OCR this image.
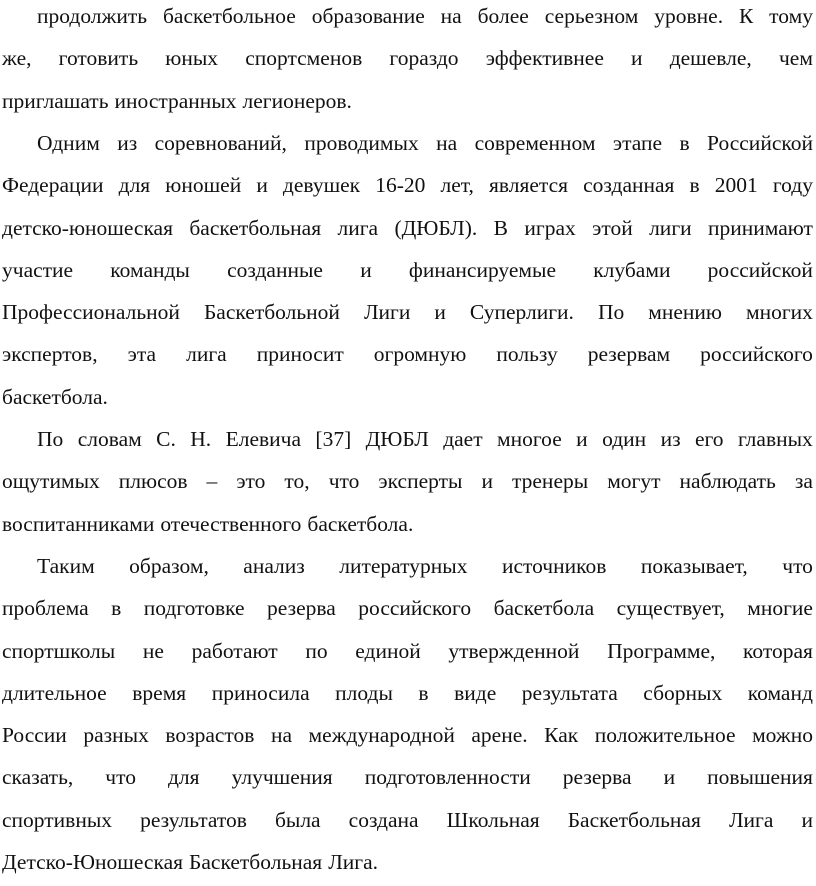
продолжить баскетбольное образование на более серьезном уровне. К тому
же, готовить юных спортсменов гораздо эффективнее и дешевле, чем
приглашать иностранных легионеров.
Одним из соревнований, проводимых на современном этапе в Российской
Федерации для юношей и девушек 16-20 лет, является созданная в 2001 году
детско-юношеская баскетбольная лига (ДЮБЛ). В играх этой лиги принимают
участие команды созданные и финансируемые клубами российской
Профессиональной Баскетбольной Лиги и Суперлиги. По мнению многих
экспертов, эта лига приносит огромную пользу резервам российского
баскетбола.
По словам С. Н. Елевича [37] ДЮБЛ дает многое и один из его главных
ощутимых плюсов – это то, что эксперты и тренеры могут наблюдать за
воспитанниками отечественного баскетбола.
Таким образом, анализ литературных источников показывает, что
проблема в подготовке резерва российского баскетбола существует, многие
спортшколы не работают по единой утвержденной Программе, которая
длительное время приносила плоды в виде результата сборных команд
России разных возрастов на международной арене. Как положительное можно
сказать, что для улучшения подготовленности резерва и повышения
спортивных результатов была создана Школьная Баскетбольная Лига и
Детско-Юношеская Баскетбольная Лига.
